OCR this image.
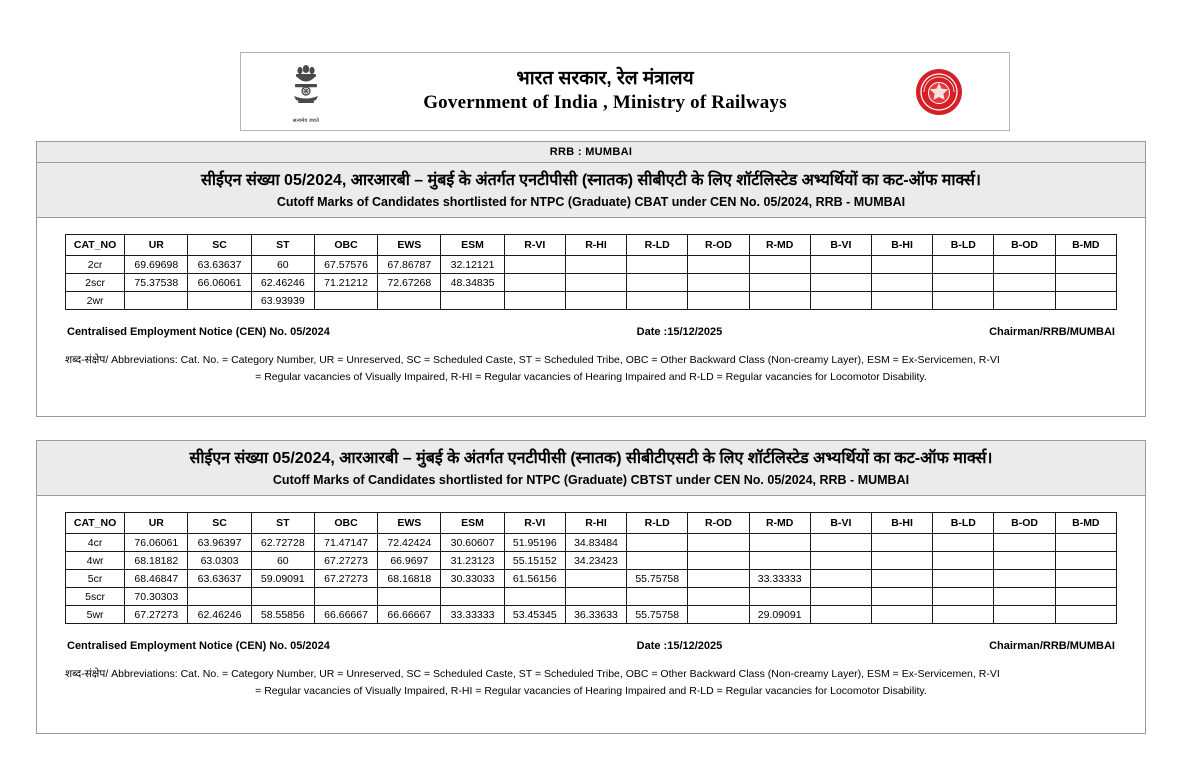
सत्यमेव जयते
भारत सरकार, रेल मंत्रालय
Government of India , Ministry of Railways
RRB : MUMBAI
सीईएन संख्या 05/2024, आरआरबी – मुंबई के अंतर्गत एनटीपीसी (स्नातक) सीबीएटी के लिए शॉर्टलिस्टेड अभ्यर्थियों का कट-ऑफ मार्क्स।
Cutoff Marks of Candidates shortlisted for NTPC (Graduate) CBAT under CEN No. 05/2024, RRB - MUMBAI
CAT_NO	UR	SC	ST	OBC	EWS	ESM	R-VI	R-HI	R-LD	R-OD	R-MD	B-VI	B-HI	B-LD	B-OD	B-MD
2cr	69.69698	63.63637	60	67.57576	67.86787	32.12121										
2scr	75.37538	66.06061	62.46246	71.21212	72.67268	48.34835										
2wr			63.93939													
Centralised Employment Notice (CEN) No. 05/2024	Date :15/12/2025	Chairman/RRB/MUMBAI
शब्द-संक्षेप/ Abbreviations: Cat. No. = Category Number, UR = Unreserved, SC = Scheduled Caste, ST = Scheduled Tribe, OBC = Other Backward Class (Non-creamy Layer), ESM = Ex-Servicemen, R-VI
= Regular vacancies of Visually Impaired, R-HI = Regular vacancies of Hearing Impaired and R-LD = Regular vacancies for Locomotor Disability.
सीईएन संख्या 05/2024, आरआरबी – मुंबई के अंतर्गत एनटीपीसी (स्नातक) सीबीटीएसटी के लिए शॉर्टलिस्टेड अभ्यर्थियों का कट-ऑफ मार्क्स।
Cutoff Marks of Candidates shortlisted for NTPC (Graduate) CBTST under CEN No. 05/2024, RRB - MUMBAI
CAT_NO	UR	SC	ST	OBC	EWS	ESM	R-VI	R-HI	R-LD	R-OD	R-MD	B-VI	B-HI	B-LD	B-OD	B-MD
4cr	76.06061	63.96397	62.72728	71.47147	72.42424	30.60607	51.95196	34.83484								
4wr	68.18182	63.0303	60	67.27273	66.9697	31.23123	55.15152	34.23423								
5cr	68.46847	63.63637	59.09091	67.27273	68.16818	30.33033	61.56156		55.75758		33.33333					
5scr	70.30303															
5wr	67.27273	62.46246	58.55856	66.66667	66.66667	33.33333	53.45345	36.33633	55.75758		29.09091					
Centralised Employment Notice (CEN) No. 05/2024	Date :15/12/2025	Chairman/RRB/MUMBAI
शब्द-संक्षेप/ Abbreviations: Cat. No. = Category Number, UR = Unreserved, SC = Scheduled Caste, ST = Scheduled Tribe, OBC = Other Backward Class (Non-creamy Layer), ESM = Ex-Servicemen, R-VI
= Regular vacancies of Visually Impaired, R-HI = Regular vacancies of Hearing Impaired and R-LD = Regular vacancies for Locomotor Disability.
